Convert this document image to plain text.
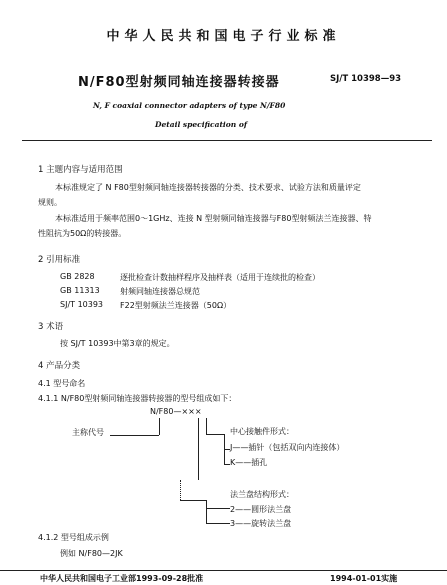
中华人民共和国电子行业标准
N/F80型射频同轴连接器转接器	SJ/T 10398—93
N, F coaxial connector adapters of type N/F80
Detail specification of
1 主题内容与适用范围
本标准规定了 N F80型射频同轴连接器转接器的分类、技术要求、试验方法和质量评定
规则。
本标准适用于频率范围0～1GHz、连接 N 型射频同轴连接器与F80型射频法兰连接器、特
性阻抗为50Ω的转接器。
2 引用标准
GB 2828	逐批检查计数抽样程序及抽样表（适用于连续批的检查）
GB 11313	射频同轴连接器总规范
SJ/T 10393 F22型射频法兰连接器（50Ω）
3 术语
按 SJ/T 10393中第3章的规定。
4 产品分类
4.1 型号命名
4.1.1 N/F80型射频同轴连接器转接器的型号组成如下：
N/F80—×××
主称代号	中心接触件形式：
J——插针（包括双向内连接体）
K——插孔
法兰盘结构形式：
2——圆形法兰盘
3——旋转法兰盘
4.1.2 型号组成示例
例如 N/F80—2JK
中华人民共和国电子工业部1993-09-28批准	1994-01-01实施
